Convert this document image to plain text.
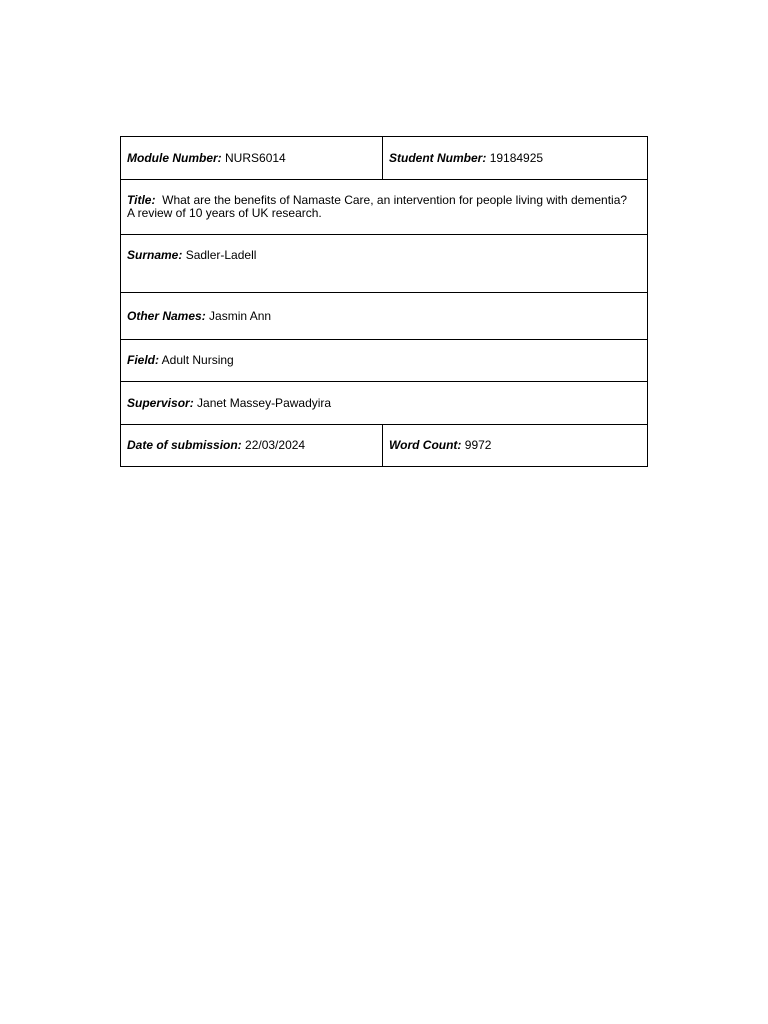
Module Number: NURS6014	Student Number: 19184925
Title: What are the benefits of Namaste Care, an intervention for people living with dementia?
A review of 10 years of UK research.	

Surname: Sadler-Ladell	
Other Names: Jasmin Ann	
Field: Adult Nursing	
Supervisor: Janet Massey-Pawadyira	
Date of submission: 22/03/2024	Word Count: 9972
